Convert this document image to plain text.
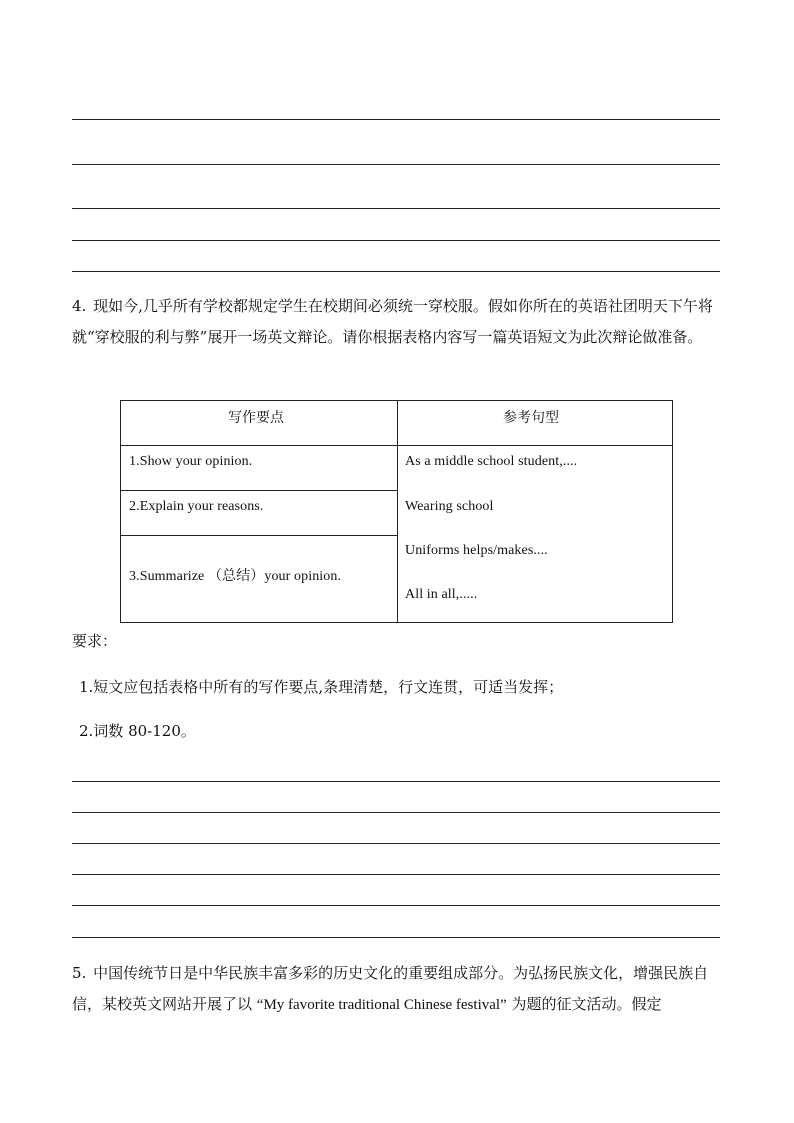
4. 现如今,几乎所有学校都规定学生在校期间必须统一穿校服。假如你所在的英语社团明天下午将就“穿校服的利与弊”展开一场英文辩论。请你根据表格内容写一篇英语短文为此次辩论做准备。

写作要点	参考句型
1.Show your opinion.
2.Explain your reasons.
3.Summarize （总结）your opinion.
As a middle school student,....
Wearing school
Uniforms helps/makes....
All in all,.....

要求：

1.短文应包括表格中所有的写作要点,条理清楚，行文连贯，可适当发挥；

2.词数 80-120。

5. 中国传统节日是中华民族丰富多彩的历史文化的重要组成部分。为弘扬民族文化，增强民族自信，某校英文网站开展了以 “My favorite traditional Chinese festival” 为题的征文活动。假定
